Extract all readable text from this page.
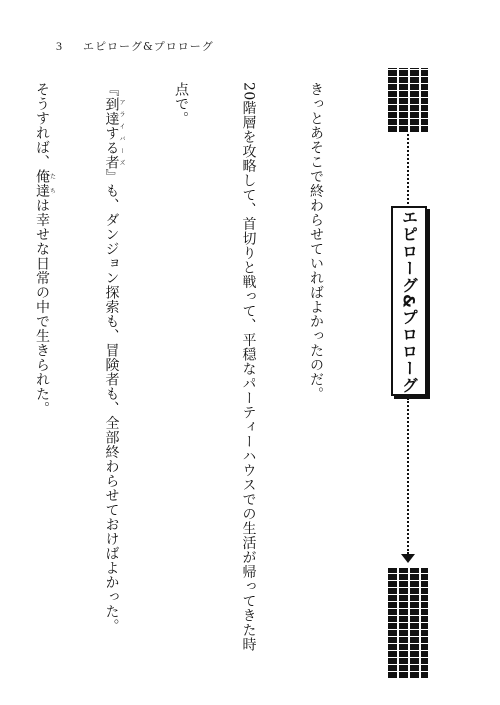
3 エピローグ&プロローグ
エピローグ&プロローグ

きっとあそこで終わらせていればよかったのだ。

20階層を攻略して、首切りと戦って、平穏なパーティーハウスでの生活が帰ってきた時

点で。

『到達する者アライバーズ』も、ダンジョン探索も、冒険者も、全部終わらせておけばよかった。

そうすれば、俺達たちは幸せな日常の中で生きられた。
